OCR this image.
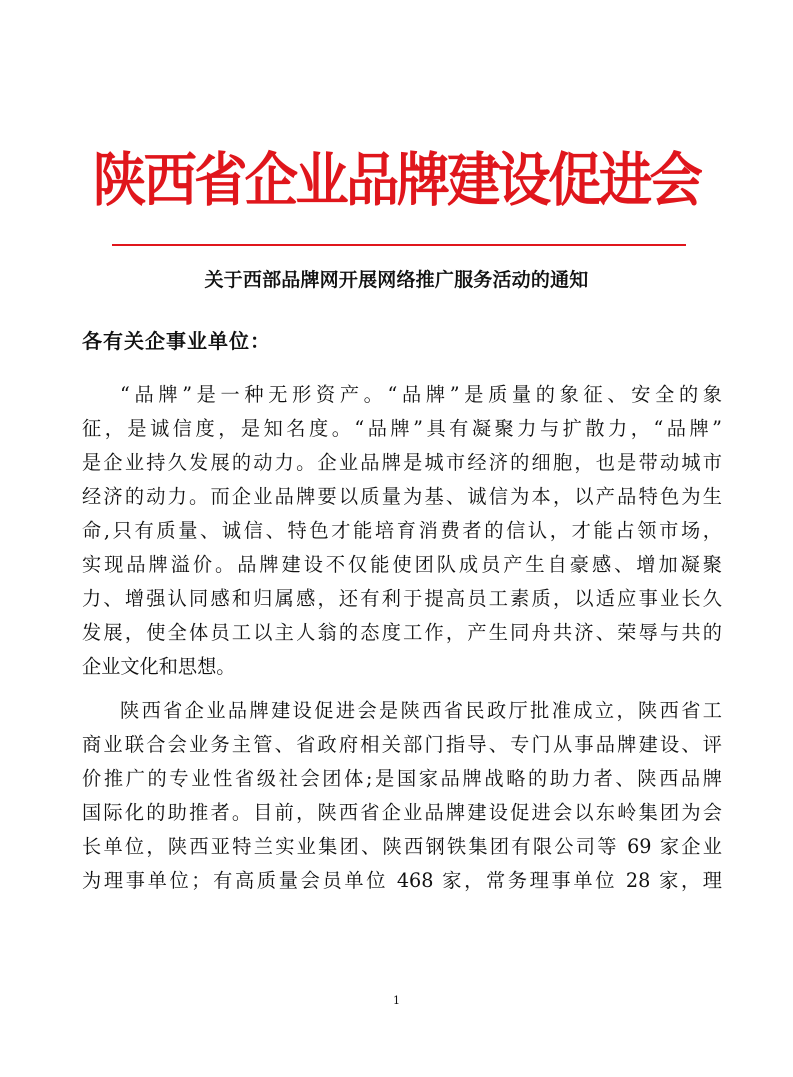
陕西省企业品牌建设促进会
关于西部品牌网开展网络推广服务活动的通知
各有关企事业单位：
“品牌”是一种无形资产。“品牌”是质量的象征、安全的象
征，是诚信度，是知名度。“品牌”具有凝聚力与扩散力，“品牌”
是企业持久发展的动力。企业品牌是城市经济的细胞，也是带动城市
经济的动力。而企业品牌要以质量为基、诚信为本，以产品特色为生
命,只有质量、诚信、特色才能培育消费者的信认，才能占领市场，
实现品牌溢价。品牌建设不仅能使团队成员产生自豪感、增加凝聚
力、增强认同感和归属感，还有利于提高员工素质，以适应事业长久
发展，使全体员工以主人翁的态度工作，产生同舟共济、荣辱与共的
企业文化和思想。
陕西省企业品牌建设促进会是陕西省民政厅批准成立，陕西省工
商业联合会业务主管、省政府相关部门指导、专门从事品牌建设、评
价推广的专业性省级社会团体;是国家品牌战略的助力者、陕西品牌
国际化的助推者。目前，陕西省企业品牌建设促进会以东岭集团为会
长单位，陕西亚特兰实业集团、陕西钢铁集团有限公司等 69 家企业
为理事单位；有高质量会员单位 468 家，常务理事单位 28 家，理
1
